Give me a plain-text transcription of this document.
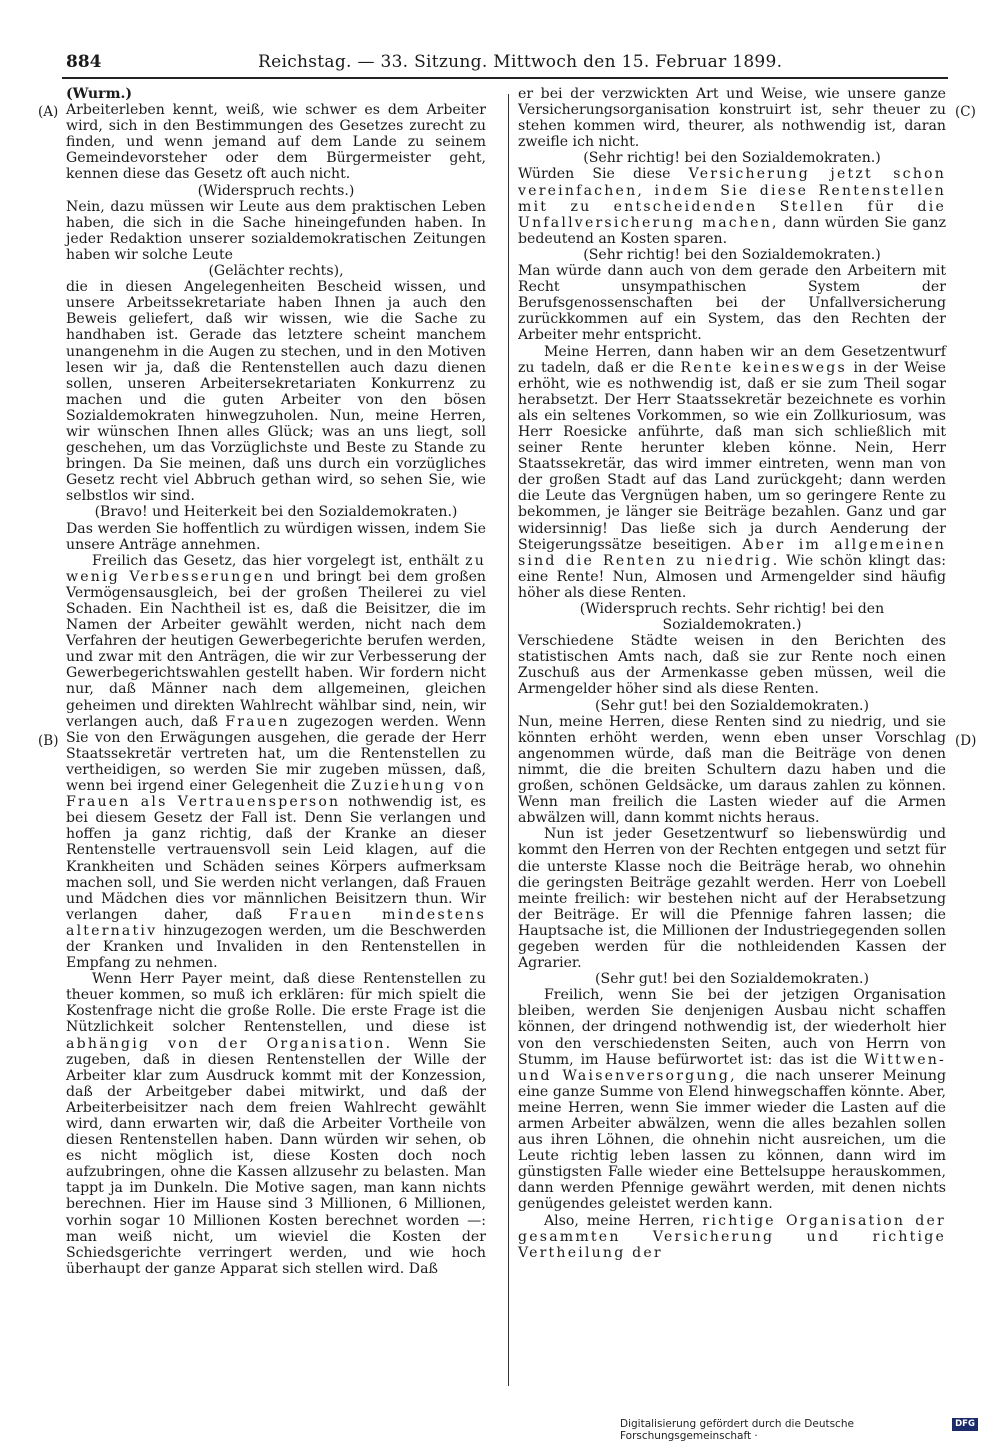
884	Reichstag. — 33. Sitzung. Mittwoch den 15. Februar 1899.
(A)
(B)
(C)
(D)

(Wurm.)

Arbeiterleben kennt, weiß, wie schwer es dem Arbeiter wird, sich in den Bestimmungen des Gesetzes zurecht zu finden, und wenn jemand auf dem Lande zu seinem Gemeindevorsteher oder dem Bürgermeister geht, kennen diese das Gesetz oft auch nicht.

(Widerspruch rechts.)

Nein, dazu müssen wir Leute aus dem praktischen Leben haben, die sich in die Sache hineingefunden haben. In jeder Redaktion unserer sozialdemokratischen Zeitungen haben wir solche Leute

(Gelächter rechts),

die in diesen Angelegenheiten Bescheid wissen, und unsere Arbeitssekretariate haben Ihnen ja auch den Beweis geliefert, daß wir wissen, wie die Sache zu handhaben ist. Gerade das letztere scheint manchem unangenehm in die Augen zu stechen, und in den Motiven lesen wir ja, daß die Rentenstellen auch dazu dienen sollen, unseren Arbeitersekretariaten Konkurrenz zu machen und die guten Arbeiter von den bösen Sozialdemokraten hinwegzuholen. Nun, meine Herren, wir wünschen Ihnen alles Glück; was an uns liegt, soll geschehen, um das Vorzüglichste und Beste zu Stande zu bringen. Da Sie meinen, daß uns durch ein vorzügliches Gesetz recht viel Abbruch gethan wird, so sehen Sie, wie selbstlos wir sind.

(Bravo! und Heiterkeit bei den Sozialdemokraten.)

Das werden Sie hoffentlich zu würdigen wissen, indem Sie unsere Anträge annehmen.

Freilich das Gesetz, das hier vorgelegt ist, enthält zu wenig Verbesserungen und bringt bei dem großen Vermögensausgleich, bei der großen Theilerei zu viel Schaden. Ein Nachtheil ist es, daß die Beisitzer, die im Namen der Arbeiter gewählt werden, nicht nach dem Verfahren der heutigen Gewerbegerichte berufen werden, und zwar mit den Anträgen, die wir zur Verbesserung der Gewerbegerichtswahlen gestellt haben. Wir fordern nicht nur, daß Männer nach dem allgemeinen, gleichen geheimen und direkten Wahlrecht wählbar sind, nein, wir verlangen auch, daß Frauen zugezogen werden. Wenn Sie von den Erwägungen ausgehen, die gerade der Herr Staatssekretär vertreten hat, um die Rentenstellen zu vertheidigen, so werden Sie mir zugeben müssen, daß, wenn bei irgend einer Gelegenheit die Zuziehung von Frauen als Vertrauensperson nothwendig ist, es bei diesem Gesetz der Fall ist. Denn Sie verlangen und hoffen ja ganz richtig, daß der Kranke an dieser Rentenstelle vertrauensvoll sein Leid klagen, auf die Krankheiten und Schäden seines Körpers aufmerksam machen soll, und Sie werden nicht verlangen, daß Frauen und Mädchen dies vor männlichen Beisitzern thun. Wir verlangen daher, daß Frauen mindestens alternativ hinzugezogen werden, um die Beschwerden der Kranken und Invaliden in den Rentenstellen in Empfang zu nehmen.

Wenn Herr Payer meint, daß diese Rentenstellen zu theuer kommen, so muß ich erklären: für mich spielt die Kostenfrage nicht die große Rolle. Die erste Frage ist die Nützlichkeit solcher Rentenstellen, und diese ist abhängig von der Organisation. Wenn Sie zugeben, daß in diesen Rentenstellen der Wille der Arbeiter klar zum Ausdruck kommt mit der Konzession, daß der Arbeitgeber dabei mitwirkt, und daß der Arbeiterbeisitzer nach dem freien Wahlrecht gewählt wird, dann erwarten wir, daß die Arbeiter Vortheile von diesen Rentenstellen haben. Dann würden wir sehen, ob es nicht möglich ist, diese Kosten doch noch aufzubringen, ohne die Kassen allzusehr zu belasten. Man tappt ja im Dunkeln. Die Motive sagen, man kann nichts berechnen. Hier im Hause sind 3 Millionen, 6 Millionen, vorhin sogar 10 Millionen Kosten berechnet worden —: man weiß nicht, um wieviel die Kosten der Schiedsgerichte verringert werden, und wie hoch überhaupt der ganze Apparat sich stellen wird. Daß

er bei der verzwickten Art und Weise, wie unsere ganze Versicherungsorganisation konstruirt ist, sehr theuer zu stehen kommen wird, theurer, als nothwendig ist, daran zweifle ich nicht.

(Sehr richtig! bei den Sozialdemokraten.)

Würden Sie diese Versicherung jetzt schon vereinfachen, indem Sie diese Rentenstellen mit zu entscheidenden Stellen für die Unfallversicherung machen, dann würden Sie ganz bedeutend an Kosten sparen.

(Sehr richtig! bei den Sozialdemokraten.)

Man würde dann auch von dem gerade den Arbeitern mit Recht unsympathischen System der Berufsgenossenschaften bei der Unfallversicherung zurückkommen auf ein System, das den Rechten der Arbeiter mehr entspricht.

Meine Herren, dann haben wir an dem Gesetzentwurf zu tadeln, daß er die Rente keineswegs in der Weise erhöht, wie es nothwendig ist, daß er sie zum Theil sogar herabsetzt. Der Herr Staatssekretär bezeichnete es vorhin als ein seltenes Vorkommen, so wie ein Zollkuriosum, was Herr Roesicke anführte, daß man sich schließlich mit seiner Rente herunter kleben könne. Nein, Herr Staatssekretär, das wird immer eintreten, wenn man von der großen Stadt auf das Land zurückgeht; dann werden die Leute das Vergnügen haben, um so geringere Rente zu bekommen, je länger sie Beiträge bezahlen. Ganz und gar widersinnig! Das ließe sich ja durch Aenderung der Steigerungssätze beseitigen. Aber im allgemeinen sind die Renten zu niedrig. Wie schön klingt das: eine Rente! Nun, Almosen und Armengelder sind häufig höher als diese Renten.

(Widerspruch rechts. Sehr richtig! bei den Sozialdemokraten.)

Verschiedene Städte weisen in den Berichten des statistischen Amts nach, daß sie zur Rente noch einen Zuschuß aus der Armenkasse geben müssen, weil die Armengelder höher sind als diese Renten.

(Sehr gut! bei den Sozialdemokraten.)

Nun, meine Herren, diese Renten sind zu niedrig, und sie könnten erhöht werden, wenn eben unser Vorschlag angenommen würde, daß man die Beiträge von denen nimmt, die die breiten Schultern dazu haben und die großen, schönen Geldsäcke, um daraus zahlen zu können. Wenn man freilich die Lasten wieder auf die Armen abwälzen will, dann kommt nichts heraus.

Nun ist jeder Gesetzentwurf so liebenswürdig und kommt den Herren von der Rechten entgegen und setzt für die unterste Klasse noch die Beiträge herab, wo ohnehin die geringsten Beiträge gezahlt werden. Herr von Loebell meinte freilich: wir bestehen nicht auf der Herabsetzung der Beiträge. Er will die Pfennige fahren lassen; die Hauptsache ist, die Millionen der Industriegegenden sollen gegeben werden für die nothleidenden Kassen der Agrarier.

(Sehr gut! bei den Sozialdemokraten.)

Freilich, wenn Sie bei der jetzigen Organisation bleiben, werden Sie denjenigen Ausbau nicht schaffen können, der dringend nothwendig ist, der wiederholt hier von den verschiedensten Seiten, auch von Herrn von Stumm, im Hause befürwortet ist: das ist die Wittwen- und Waisenversorgung, die nach unserer Meinung eine ganze Summe von Elend hinwegschaffen könnte. Aber, meine Herren, wenn Sie immer wieder die Lasten auf die armen Arbeiter abwälzen, wenn die alles bezahlen sollen aus ihren Löhnen, die ohnehin nicht ausreichen, um die Leute richtig leben lassen zu können, dann wird im günstigsten Falle wieder eine Bettelsuppe herauskommen, dann werden Pfennige gewährt werden, mit denen nichts genügendes geleistet werden kann.

Also, meine Herren, richtige Organisation der gesammten Versicherung und richtige Vertheilung der

Digitalisierung gefördert durch die Deutsche Forschungsgemeinschaft ·
DFG
